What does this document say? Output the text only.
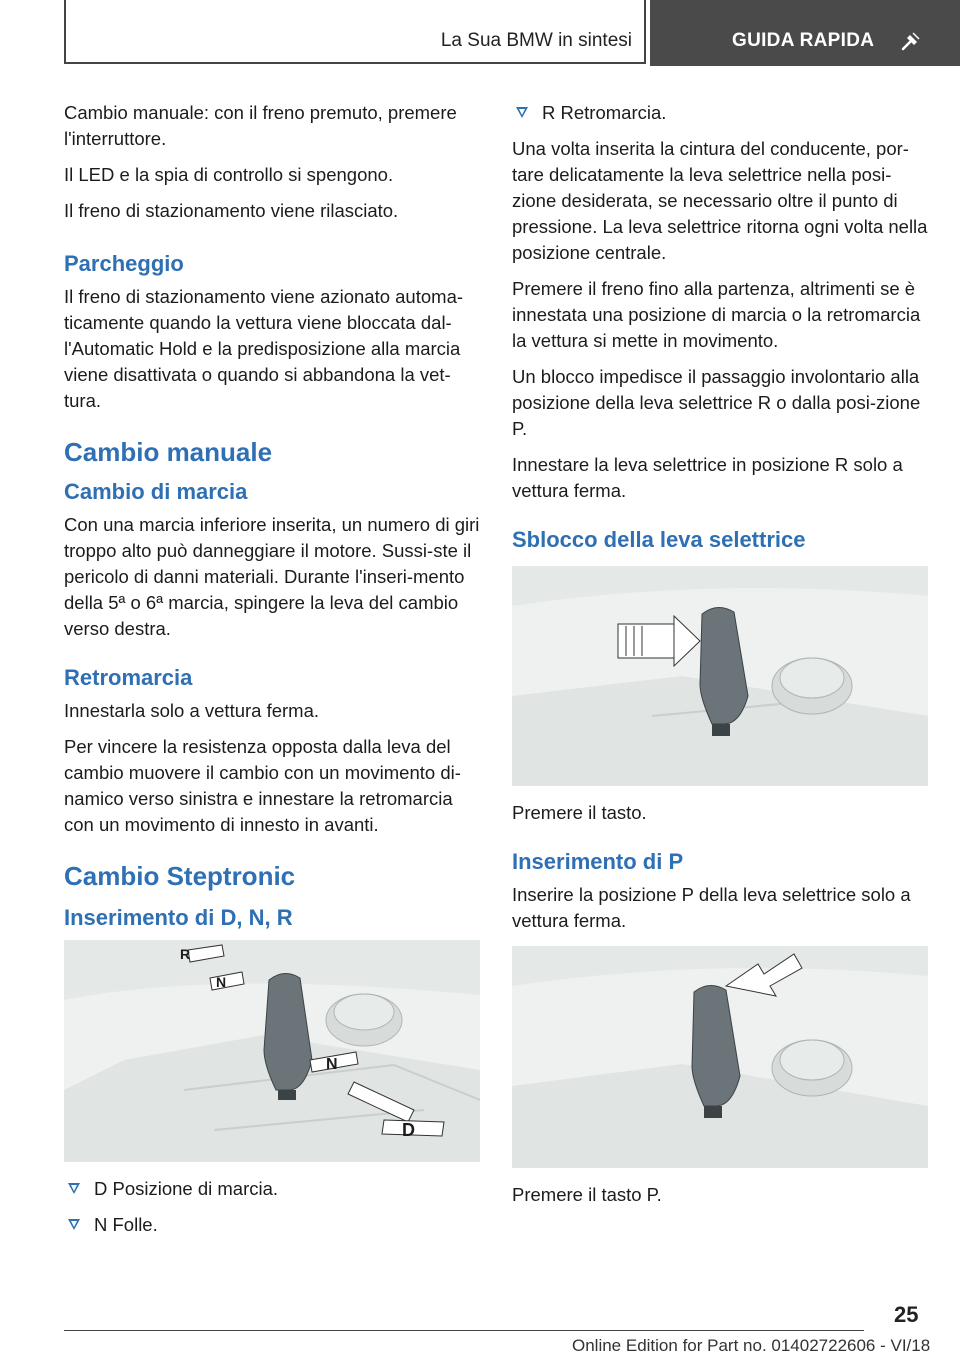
La Sua BMW in sintesi	GUIDA RAPIDA

Cambio manuale: con il freno premuto, premere l'interruttore.

Il LED e la spia di controllo si spengono.

Il freno di stazionamento viene rilasciato.

Parcheggio

Il freno di stazionamento viene azionato automa-ticamente quando la vettura viene bloccata dal-l'Automatic Hold e la predisposizione alla marcia viene disattivata o quando si abbandona la vet-tura.

Cambio manuale
Cambio di marcia

Con una marcia inferiore inserita, un numero di giri troppo alto può danneggiare il motore. Sussi-ste il pericolo di danni materiali. Durante l'inseri-mento della 5ª o 6ª marcia, spingere la leva del cambio verso destra.

Retromarcia

Innestarla solo a vettura ferma.

Per vincere la resistenza opposta dalla leva del cambio muovere il cambio con un movimento di-namico verso sinistra e innestare la retromarcia con un movimento di innesto in avanti.

Cambio Steptronic
Inserimento di D, N, R
R
N
N
D
D Posizione di marcia.
N Folle.
R Retromarcia.

Una volta inserita la cintura del conducente, por-tare delicatamente la leva selettrice nella posi-zione desiderata, se necessario oltre il punto di pressione. La leva selettrice ritorna ogni volta nella posizione centrale.

Premere il freno fino alla partenza, altrimenti se è innestata una posizione di marcia o la retromarcia la vettura si mette in movimento.

Un blocco impedisce il passaggio involontario alla posizione della leva selettrice R o dalla posi-zione P.

Innestare la leva selettrice in posizione R solo a vettura ferma.

Sblocco della leva selettrice

Premere il tasto.

Inserimento di P

Inserire la posizione P della leva selettrice solo a vettura ferma.

Premere il tasto P.

25
Online Edition for Part no. 01402722606 - VI/18
